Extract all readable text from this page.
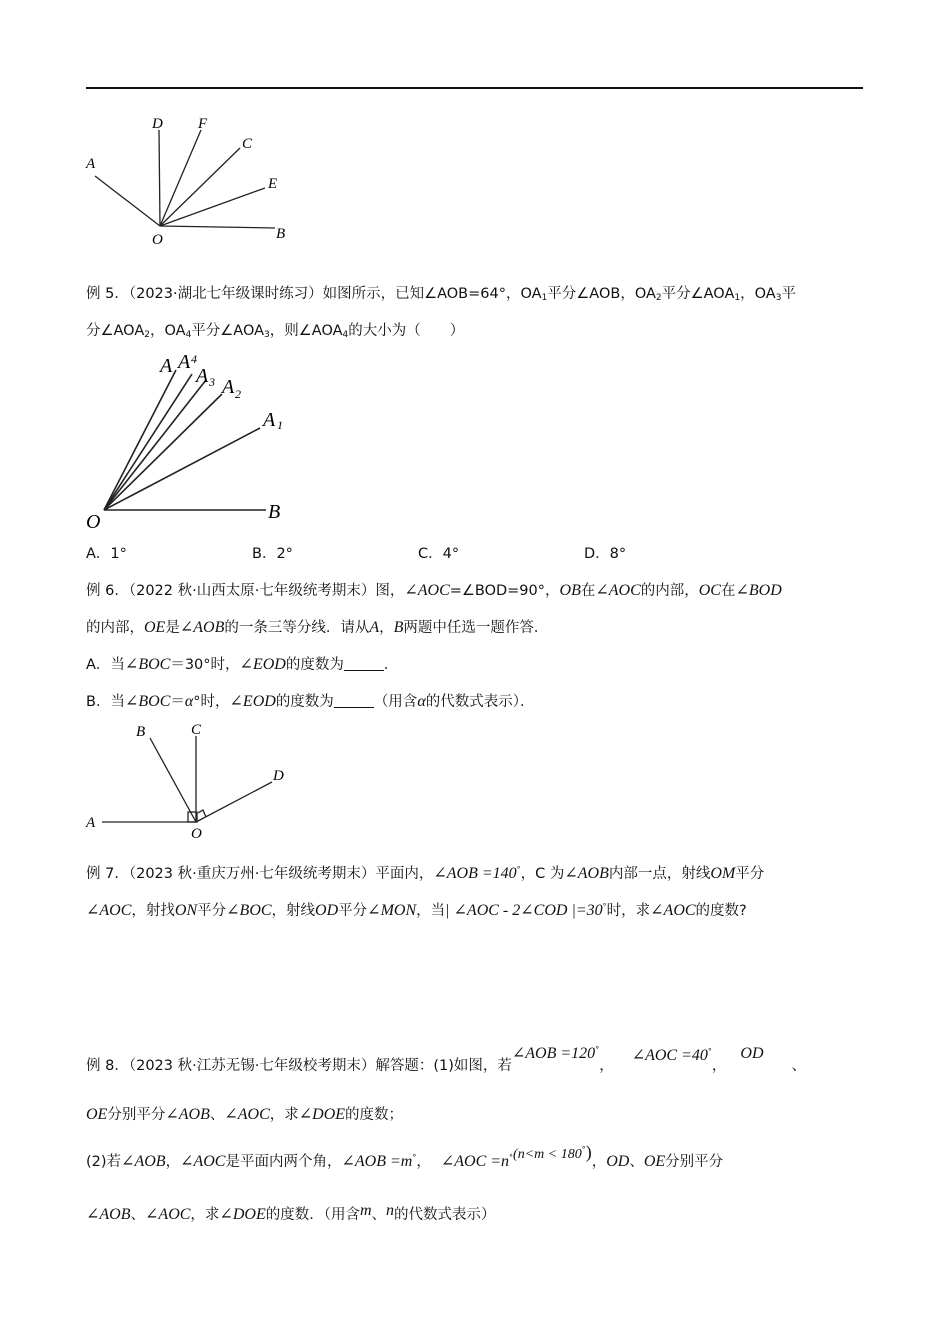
D F
C
A
E
O	B
例 5．（2023·湖北七年级课时练习）如图所示，已知∠AOB=64°，$OA_1$平分∠AOB，$OA_2$平分$\angle AOA_1$，$OA_3$平
分$\angle AOA_2$，$OA_4$平分$\angle AOA_3$，则$\angle AOA_4$的大小为（　　）
A A 4
A 3 A 2
A 1
O	B
A．1°	B．2°	C．4°	D．8°
例 6．（2022 秋·山西太原·七年级统考期末）图，∠AOC=∠BOD=90°，OB在∠AOC的内部，OC在∠BOD
的内部，OE是∠AOB的一条三等分线．请从A，B两题中任选一题作答．
A．当∠BOC＝30°时，∠EOD的度数为	．
B．当∠BOC＝α°时，∠EOD的度数为	（用含α的代数式表示）．
B	C
D
A
O
例 7．（2023 秋·重庆万州·七年级统考期末）平面内，∠AOB =140°，C 为∠AOB内部一点，射线OM平分
∠AOC，射找ON平分∠BOC，射线OD平分∠MON，当| ∠AOC - 2∠COD |=30°时，求∠AOC的度数?
例 8．（2023 秋·江苏无锡·七年级校考期末）解答题：(1)如图，若∠AOB =120°，∠AOC =40°，OD、
OE分别平分∠AOB、∠AOC，求∠DOE的度数；
(2)若∠AOB，∠AOC是平面内两个角，∠AOB =m°， ∠AOC =n°(n<m < 180°)，OD、OE分别平分
∠AOB、∠AOC，求∠DOE的度数．（用含m、n的代数式表示）
